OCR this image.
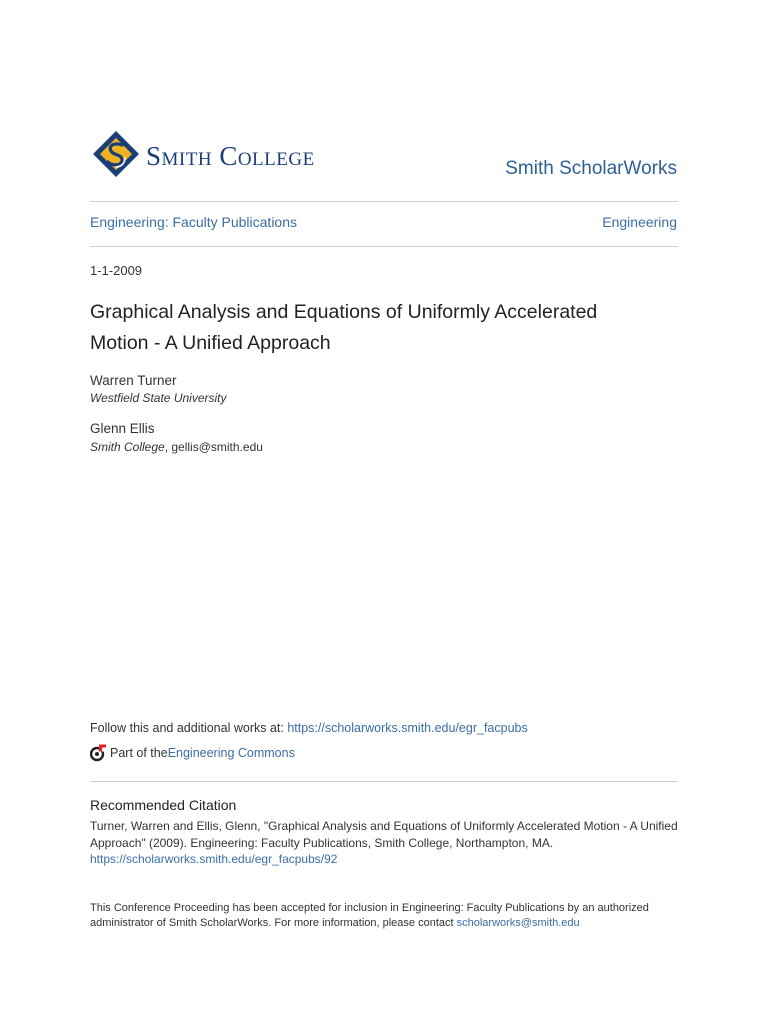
Smith College	Smith ScholarWorks
Engineering: Faculty Publications	Engineering
1-1-2009
Graphical Analysis and Equations of Uniformly Accelerated Motion - A Unified Approach
Warren Turner
Westfield State University
Glenn Ellis
Smith College, gellis@smith.edu
Follow this and additional works at: https://scholarworks.smith.edu/egr_facpubs
Part of the Engineering Commons
Recommended Citation
Turner, Warren and Ellis, Glenn, "Graphical Analysis and Equations of Uniformly Accelerated Motion - A Unified Approach" (2009). Engineering: Faculty Publications, Smith College, Northampton, MA.
https://scholarworks.smith.edu/egr_facpubs/92
This Conference Proceeding has been accepted for inclusion in Engineering: Faculty Publications by an authorized administrator of Smith ScholarWorks. For more information, please contact scholarworks@smith.edu
